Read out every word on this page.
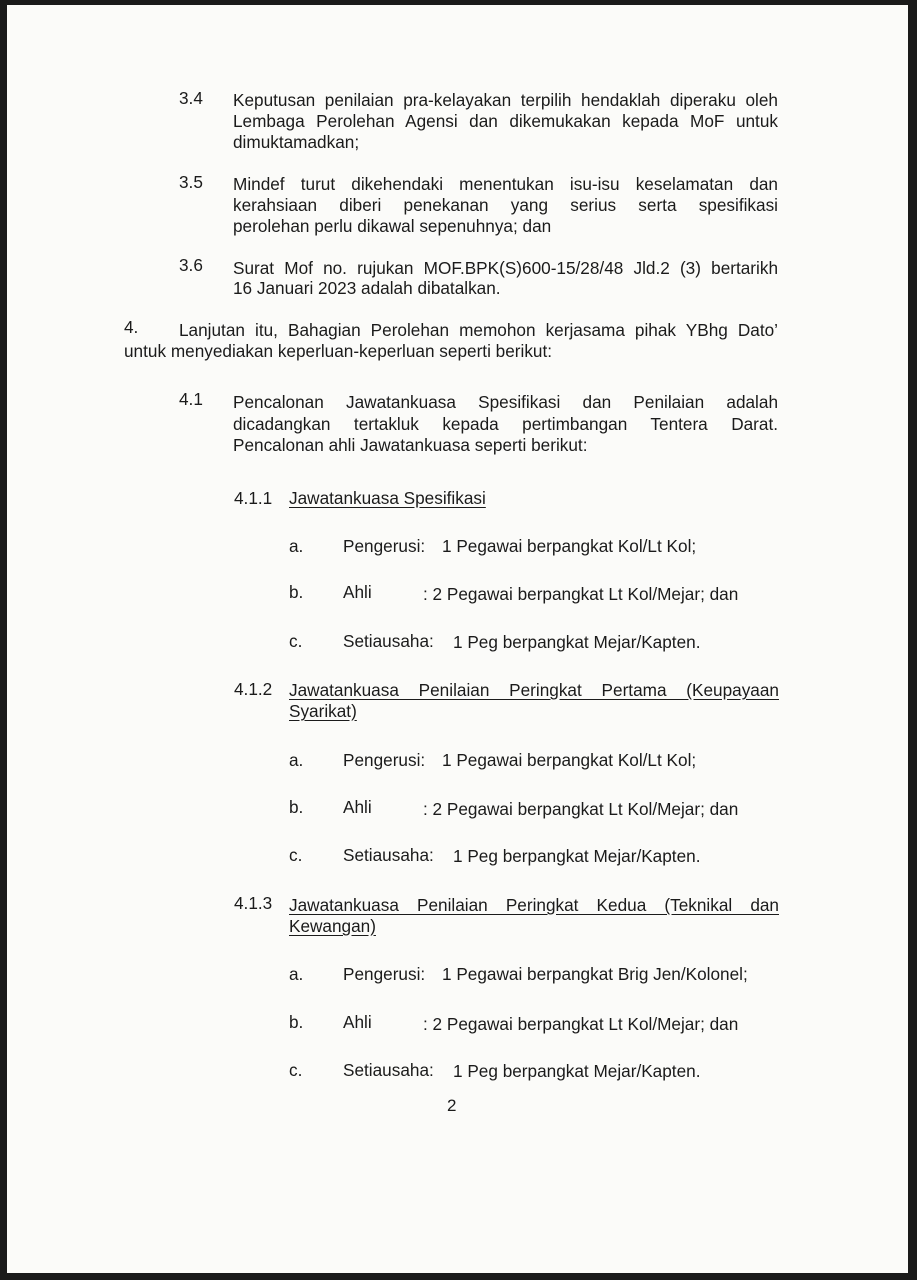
3.4 Keputusan penilaian pra-kelayakan terpilih hendaklah diperaku oleh
Lembaga Perolehan Agensi dan dikemukakan kepada MoF untuk
dimuktamadkan;
3.5 Mindef turut dikehendaki menentukan isu-isu keselamatan dan
kerahsiaan diberi penekanan yang serius serta spesifikasi
perolehan perlu dikawal sepenuhnya; dan
3.6 Surat Mof no. rujukan MOF.BPK(S)600-15/28/48 Jld.2 (3) bertarikh
16 Januari 2023 adalah dibatalkan.
4. Lanjutan itu, Bahagian Perolehan memohon kerjasama pihak YBhg Dato’
untuk menyediakan keperluan-keperluan seperti berikut:
4.1 Pencalonan Jawatankuasa Spesifikasi dan Penilaian adalah
dicadangkan tertakluk kepada pertimbangan Tentera Darat.
Pencalonan ahli Jawatankuasa seperti berikut:
4.1.1 Jawatankuasa Spesifikasi
a. Pengerusi: 1 Pegawai berpangkat Kol/Lt Kol;
b. Ahli	: 2 Pegawai berpangkat Lt Kol/Mejar; dan
c. Setiausaha: 1 Peg berpangkat Mejar/Kapten.
4.1.2 Jawatankuasa Penilaian Peringkat Pertama (Keupayaan
Syarikat)
a. Pengerusi: 1 Pegawai berpangkat Kol/Lt Kol;
b. Ahli	: 2 Pegawai berpangkat Lt Kol/Mejar; dan
c. Setiausaha: 1 Peg berpangkat Mejar/Kapten.
4.1.3 Jawatankuasa Penilaian Peringkat Kedua (Teknikal dan
Kewangan)
a. Pengerusi: 1 Pegawai berpangkat Brig Jen/Kolonel;
b. Ahli	: 2 Pegawai berpangkat Lt Kol/Mejar; dan
c. Setiausaha: 1 Peg berpangkat Mejar/Kapten.
2
